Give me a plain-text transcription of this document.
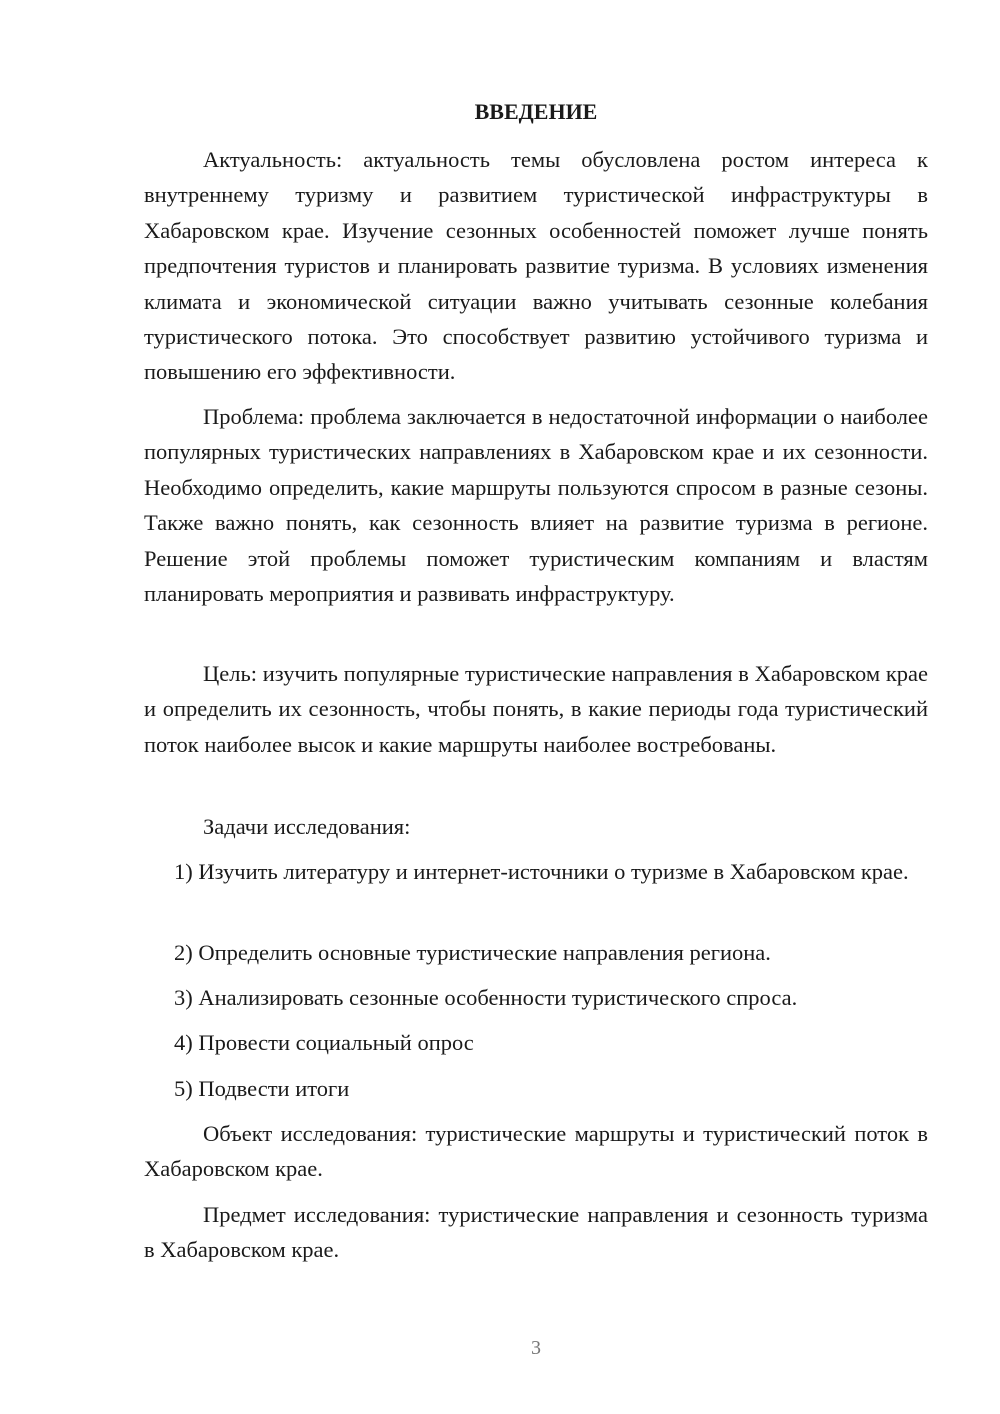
ВВЕДЕНИЕ

Актуальность: актуальность темы обусловлена ростом интереса к внутреннему туризму и развитием туристической инфраструктуры в Хабаровском крае. Изучение сезонных особенностей поможет лучше понять предпочтения туристов и планировать развитие туризма. В условиях изменения климата и экономической ситуации важно учитывать сезонные колебания туристического потока. Это способствует развитию устойчивого туризма и повышению его эффективности.

Проблема: проблема заключается в недостаточной информации о наиболее популярных туристических направлениях в Хабаровском крае и их сезонности. Необходимо определить, какие маршруты пользуются спросом в разные сезоны. Также важно понять, как сезонность влияет на развитие туризма в регионе. Решение этой проблемы поможет туристическим компаниям и властям планировать мероприятия и развивать инфраструктуру.

Цель: изучить популярные туристические направления в Хабаровском крае и определить их сезонность, чтобы понять, в какие периоды года туристический поток наиболее высок и какие маршруты наиболее востребованы.

Задачи исследования:

1) Изучить литературу и интернет-источники о туризме в Хабаровском крае.

2) Определить основные туристические направления региона.

3) Анализировать сезонные особенности туристического спроса.

4) Провести социальный опрос

5) Подвести итоги

Объект исследования: туристические маршруты и туристический поток в Хабаровском крае.

Предмет исследования: туристические направления и сезонность туризма в Хабаровском крае.

3
